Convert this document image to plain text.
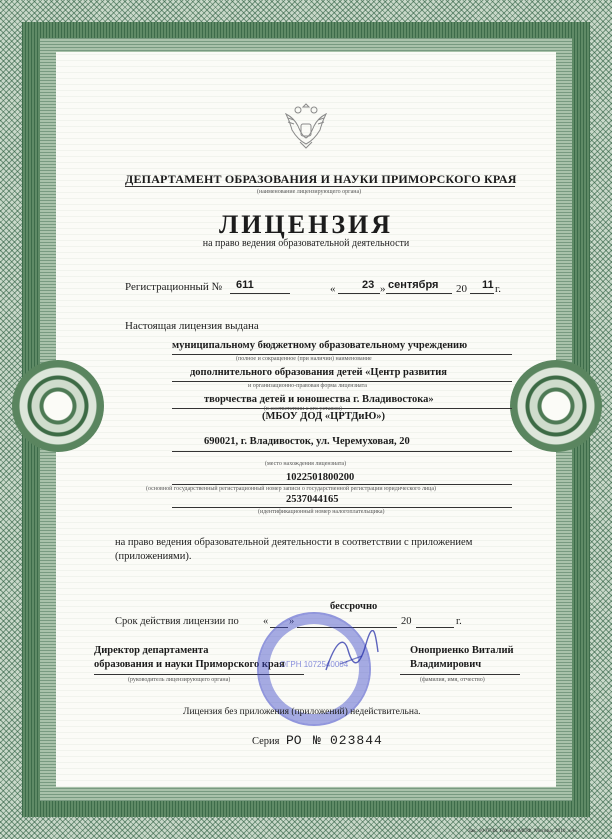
ДЕПАРТАМЕНТ ОБРАЗОВАНИЯ И НАУКИ ПРИМОРСКОГО КРАЯ
(наименование лицензирующего органа)
ЛИЦЕНЗИЯ
на право ведения образовательной деятельности
Регистрационный № 611	« 23 » сентября 20 11 г.
Настоящая лицензия выдана
муниципальному бюджетному образовательному учреждению
(полное и сокращенное (при наличии) наименование
дополнительного образования детей «Центр развития
и организационно-правовая форма лицензиата
творчества детей и юношества г. Владивостока»
(в соответствии с его уставом)
(МБОУ ДОД «ЦРТДиЮ»)
690021, г. Владивосток, ул. Черемуховая, 20
(место нахождения лицензиата)
1022501800200
(основной государственный регистрационный номер записи о государственной регистрации юридического лица)
2537044165
(идентификационный номер налогоплательщика)
на право ведения образовательной деятельности в соответствии с приложением
(приложениями).
бессрочно
Срок действия лицензии по « »	20	г.
Директор департамента
образования и науки Приморского края
(руководитель лицензирующего органа)
Оноприенко Виталий
Владимирович
(фамилия, имя, отчество)
ОГРН 1072540004
Лицензия без приложения (приложений) недействительна.
Серия РО № 023844
Зак. 10-6748. Гознак, МПФ, Москва, 2010. «А».
